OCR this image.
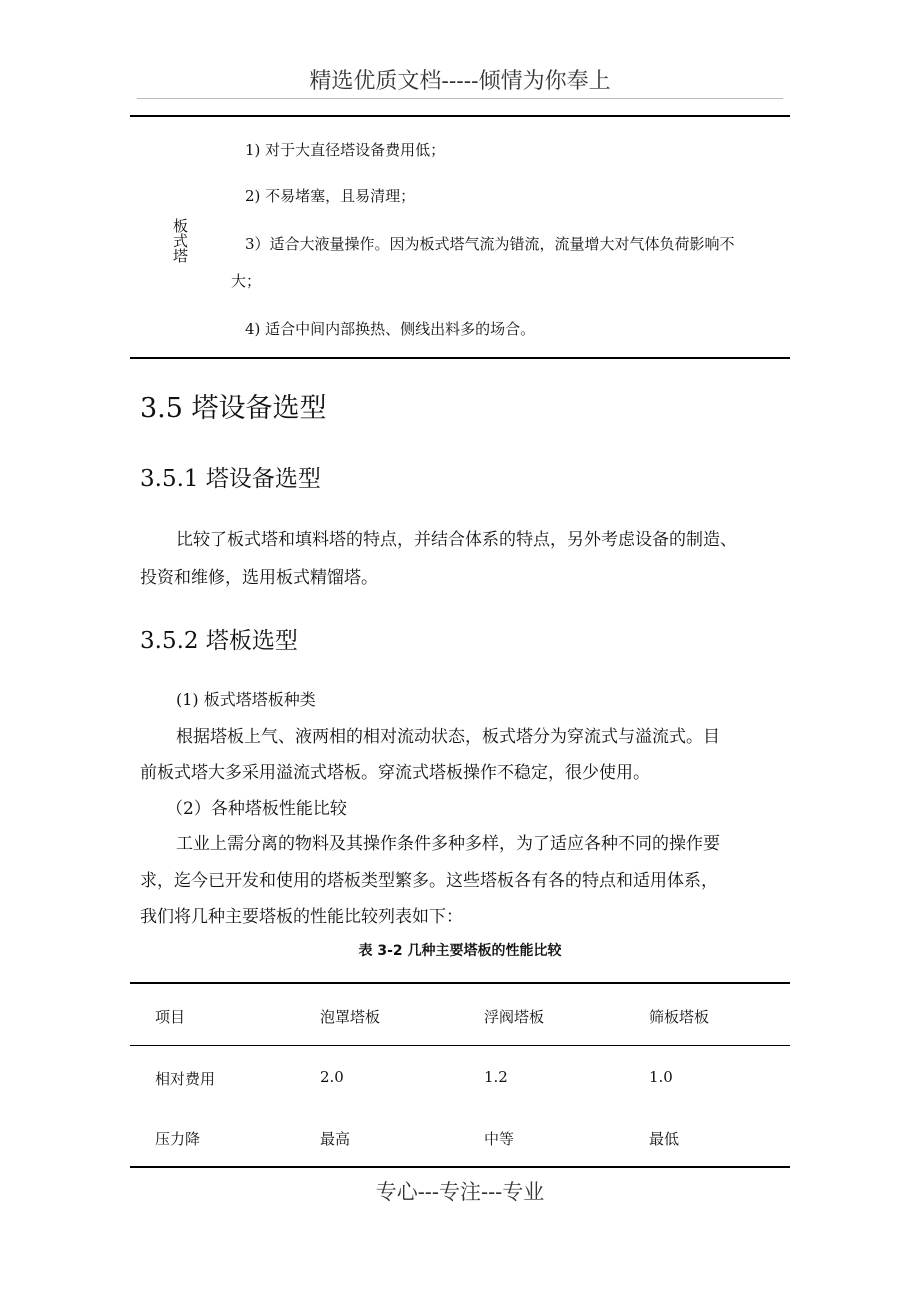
精选优质文档-----倾情为你奉上
板式塔
1) 对于大直径塔设备费用低；
2) 不易堵塞，且易清理；
3）适合大液量操作。因为板式塔气流为错流，流量增大对气体负荷影响不
大；
4) 适合中间内部换热、侧线出料多的场合。
3.5 塔设备选型
3.5.1 塔设备选型
比较了板式塔和填料塔的特点，并结合体系的特点，另外考虑设备的制造、
投资和维修，选用板式精馏塔。
3.5.2 塔板选型
(1) 板式塔塔板种类
根据塔板上气、液两相的相对流动状态，板式塔分为穿流式与溢流式。目
前板式塔大多采用溢流式塔板。穿流式塔板操作不稳定，很少使用。
（2）各种塔板性能比较
工业上需分离的物料及其操作条件多种多样，为了适应各种不同的操作要
求，迄今已开发和使用的塔板类型繁多。这些塔板各有各的特点和适用体系，
我们将几种主要塔板的性能比较列表如下：
表 3-2 几种主要塔板的性能比较
项目	泡罩塔板	浮阀塔板	筛板塔板
相对费用	2.0	1.2	1.0
压力降	最高	中等	最低
专心---专注---专业
